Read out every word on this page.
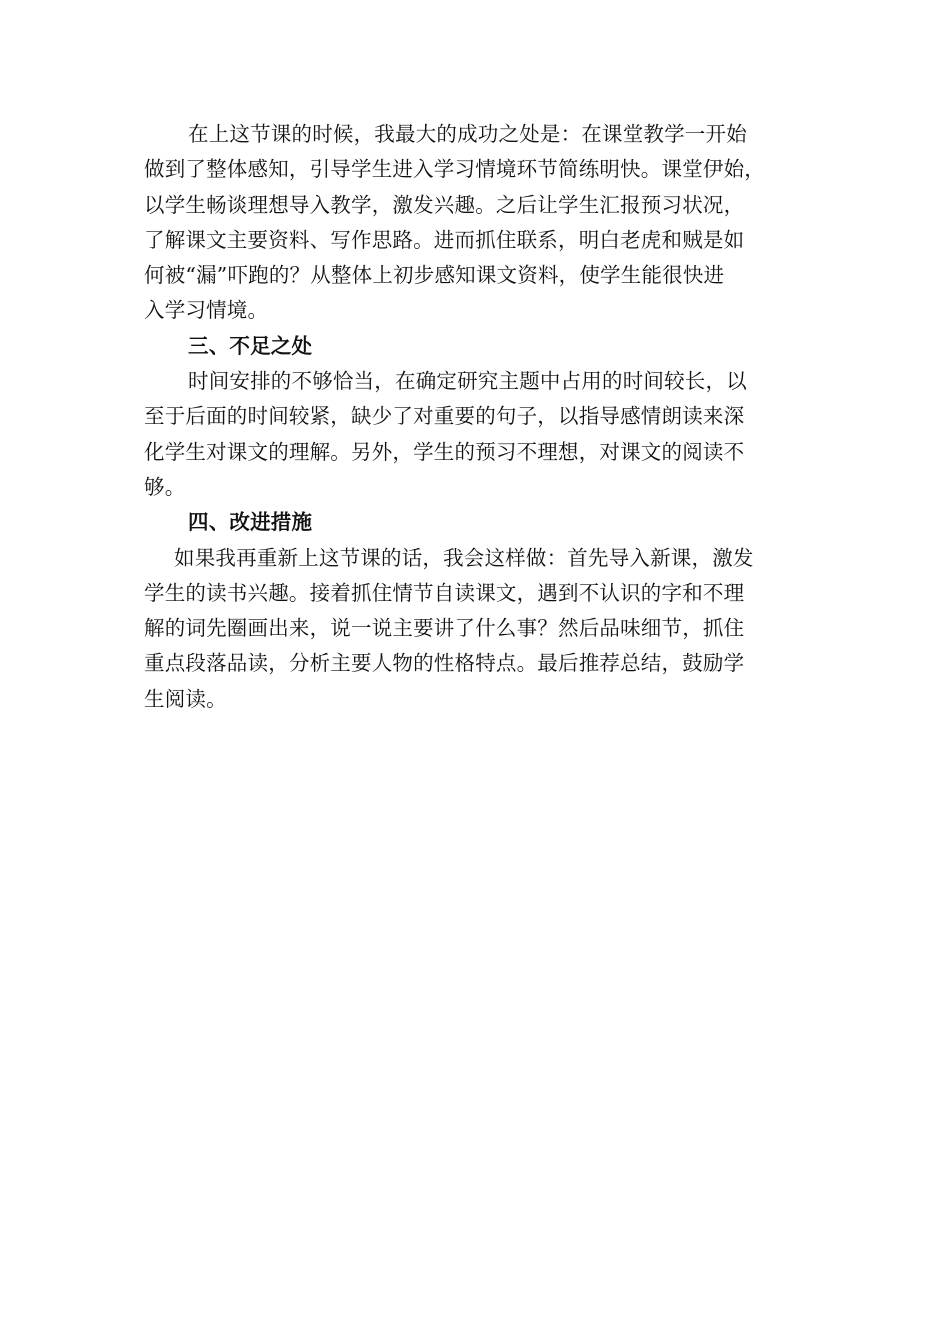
在上这节课的时候，我最大的成功之处是：在课堂教学一开始
做到了整体感知，引导学生进入学习情境环节简练明快。课堂伊始，
以学生畅谈理想导入教学，激发兴趣。之后让学生汇报预习状况，
了解课文主要资料、写作思路。进而抓住联系，明白老虎和贼是如
何被“漏”吓跑的？从整体上初步感知课文资料，使学生能很快进
入学习情境。
三、不足之处
时间安排的不够恰当，在确定研究主题中占用的时间较长，以
至于后面的时间较紧，缺少了对重要的句子，以指导感情朗读来深
化学生对课文的理解。另外，学生的预习不理想，对课文的阅读不
够。
四、改进措施
如果我再重新上这节课的话，我会这样做：首先导入新课，激发
学生的读书兴趣。接着抓住情节自读课文，遇到不认识的字和不理
解的词先圈画出来，说一说主要讲了什么事？然后品味细节，抓住
重点段落品读，分析主要人物的性格特点。最后推荐总结，鼓励学
生阅读。
